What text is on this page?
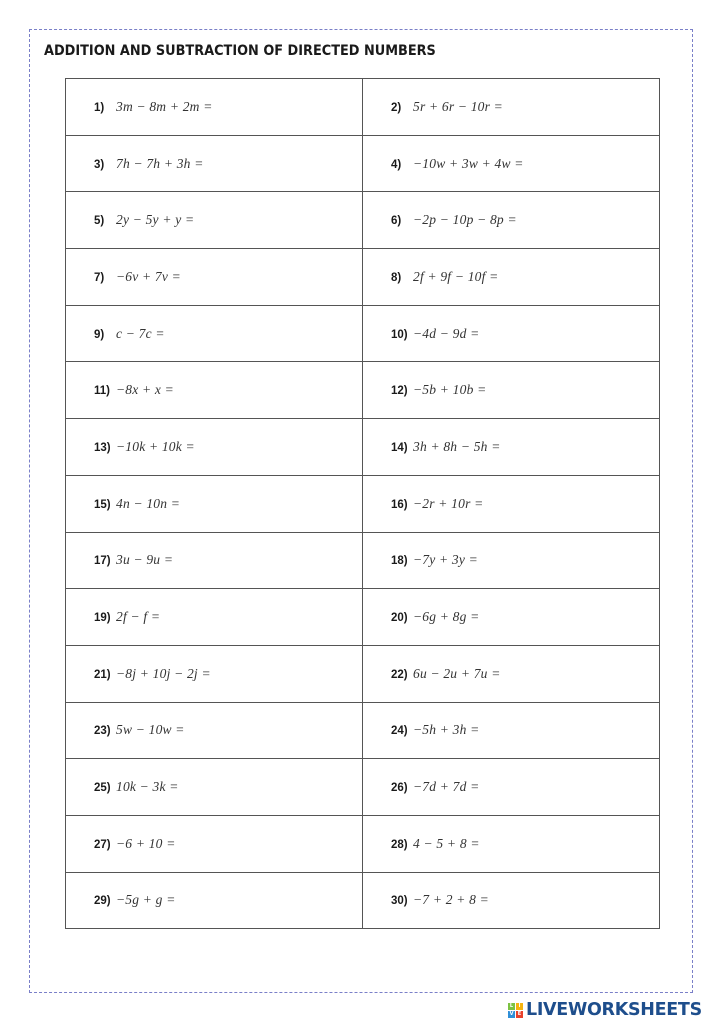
ADDITION AND SUBTRACTION OF DIRECTED NUMBERS
1) 3m − 8m + 2m =	2) 5r + 6r − 10r =
3) 7h − 7h + 3h =	4) −10w + 3w + 4w =
5) 2y − 5y + y =	6) −2p − 10p − 8p =
7) −6v + 7v =	8) 2f + 9f − 10f =
9) c − 7c =	10) −4d − 9d =
11) −8x + x =	12) −5b + 10b =
13) −10k + 10k =	14) 3h + 8h − 5h =
15) 4n − 10n =	16) −2r + 10r =
17) 3u − 9u =	18) −7y + 3y =
19) 2f − f =	20) −6g + 8g =
21) −8j + 10j − 2j =	22) 6u − 2u + 7u =
23) 5w − 10w =	24) −5h + 3h =
25) 10k − 3k =	26) −7d + 7d =
27) −6 + 10 =	28) 4 − 5 + 8 =
29) −5g + g =	30) −7 + 2 + 8 =
L	I
V E LIVEWORKSHEETS
